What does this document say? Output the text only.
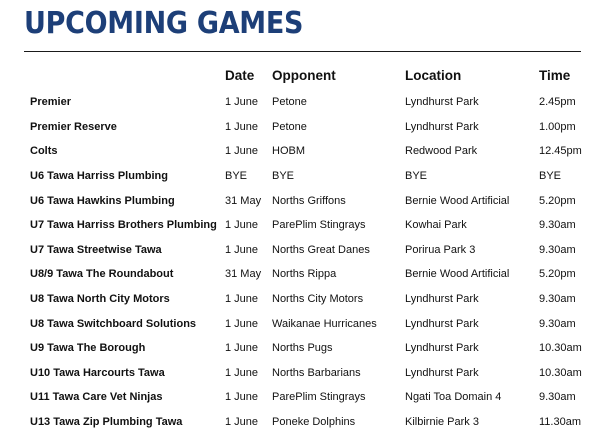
UPCOMING GAMES
	Date	Opponent	Location	Time

Premier	1 June	Petone	Lyndhurst Park	2.45pm
Premier Reserve	1 June	Petone	Lyndhurst Park	1.00pm
Colts	1 June	HOBM	Redwood Park	12.45pm
U6 Tawa Harriss Plumbing	BYE	BYE	BYE	BYE
U6 Tawa Hawkins Plumbing	31 May	Norths Griffons	Bernie Wood Artificial	5.20pm
U7 Tawa Harriss Brothers Plumbing	1 June	ParePlim Stingrays	Kowhai Park	9.30am
U7 Tawa Streetwise Tawa	1 June	Norths Great Danes	Porirua Park 3	9.30am
U8/9 Tawa The Roundabout	31 May	Norths Rippa	Bernie Wood Artificial	5.20pm
U8 Tawa North City Motors	1 June	Norths City Motors	Lyndhurst Park	9.30am
U8 Tawa Switchboard Solutions	1 June	Waikanae Hurricanes	Lyndhurst Park	9.30am
U9 Tawa The Borough	1 June	Norths Pugs	Lyndhurst Park	10.30am
U10 Tawa Harcourts Tawa	1 June	Norths Barbarians	Lyndhurst Park	10.30am
U11 Tawa Care Vet Ninjas	1 June	ParePlim Stingrays	Ngati Toa Domain 4	9.30am
U13 Tawa Zip Plumbing Tawa	1 June	Poneke Dolphins	Kilbirnie Park 3	11.30am
